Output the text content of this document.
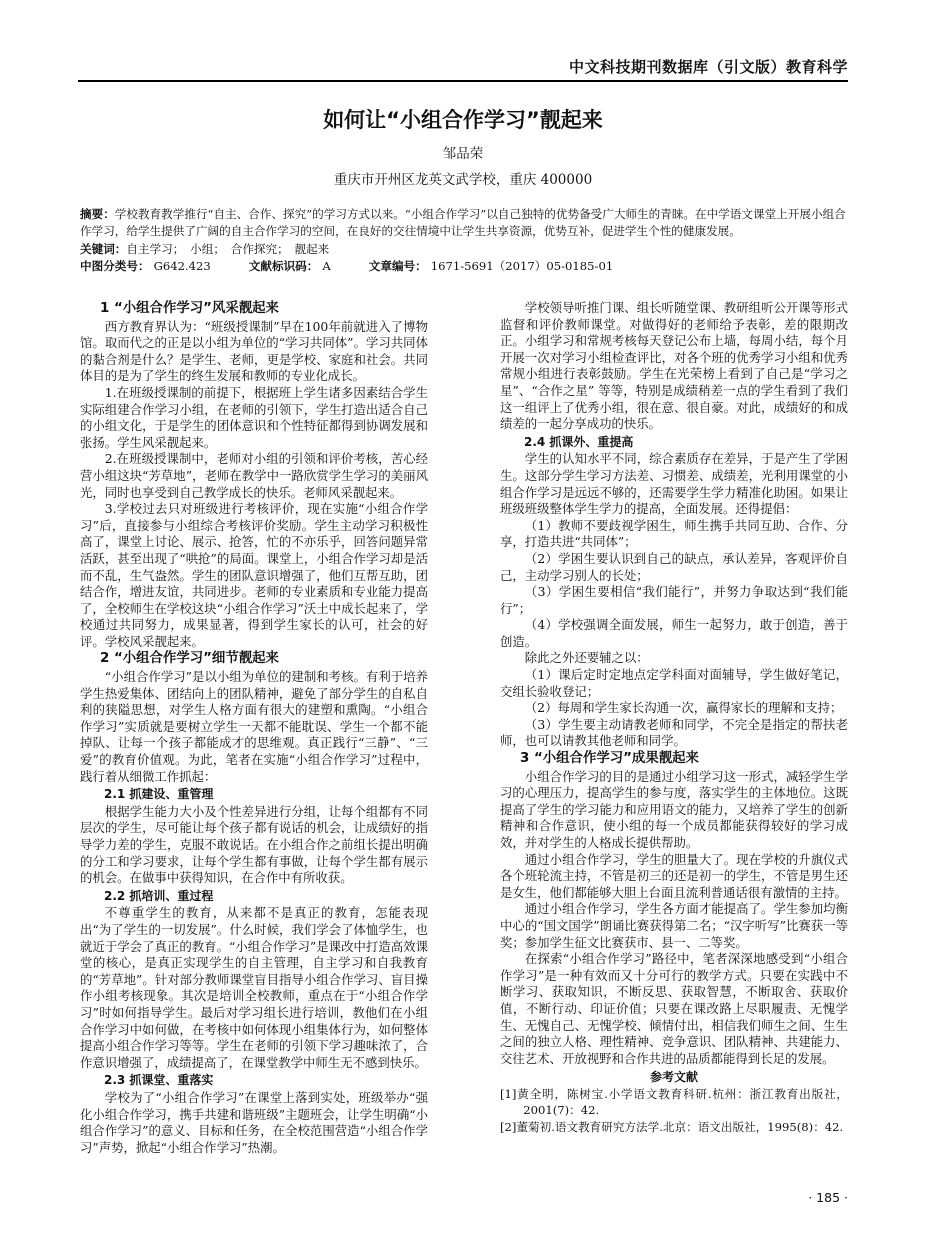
中文科技期刊数据库（引文版）教育科学
如何让“小组合作学习”靓起来
邹品荣
重庆市开州区龙英文武学校，重庆 400000

摘要：学校教育教学推行“自主、合作、探究”的学习方式以来。“小组合作学习”以自己独特的优势备受广大师生的青睐。在中学语文课堂上开展小组合作学习，给学生提供了广阔的自主合作学习的空间，在良好的交往情境中让学生共享资源，优势互补，促进学生个性的健康发展。

关键词：自主学习；　小组；　合作探究；　靓起来

中图分类号： G642.423	文献标识码： A	文章编号： 1671-5691（2017）05-0185-01

1 “小组合作学习”风采靓起来

西方教育界认为：“班级授课制”早在100年前就进入了博物馆。取而代之的正是以小组为单位的“学习共同体”。学习共同体的黏合剂是什么？是学生、老师，更是学校、家庭和社会。共同体目的是为了学生的终生发展和教师的专业化成长。

1.在班级授课制的前提下，根据班上学生诸多因素结合学生实际组建合作学习小组，在老师的引领下，学生打造出适合自己的小组文化，于是学生的团体意识和个性特征都得到协调发展和张扬。学生风采靓起来。

2.在班级授课制中，老师对小组的引领和评价考核，苦心经营小组这块“芳草地”，老师在教学中一路欣赏学生学习的美丽风光，同时也享受到自己教学成长的快乐。老师风采靓起来。

3.学校过去只对班级进行考核评价，现在实施“小组合作学习”后，直接参与小组综合考核评价奖励。学生主动学习积极性高了，课堂上讨论、展示、抢答，忙的不亦乐乎，回答问题异常活跃，甚至出现了“哄抢”的局面。课堂上，小组合作学习却是活而不乱，生气盎然。学生的团队意识增强了，他们互帮互助，团结合作，增进友谊，共同进步。老师的专业素质和专业能力提高了，全校师生在学校这块“小组合作学习”沃土中成长起来了，学校通过共同努力，成果显著，得到学生家长的认可，社会的好评。学校风采靓起来。

2 “小组合作学习”细节靓起来

“小组合作学习”是以小组为单位的建制和考核。有利于培养学生热爱集体、团结向上的团队精神，避免了部分学生的自私自利的狭隘思想，对学生人格方面有很大的建塑和熏陶。“小组合作学习”实质就是要树立学生一天都不能耽误、学生一个都不能掉队、让每一个孩子都能成才的思维观。真正践行“三静”、“三爱”的教育价值观。为此，笔者在实施“小组合作学习”过程中，践行着从细微工作抓起：

2.1 抓建设、重管理

根据学生能力大小及个性差异进行分组，让每个组都有不同层次的学生，尽可能让每个孩子都有说话的机会，让成绩好的指导学力差的学生，克服不敢说话。在小组合作之前组长提出明确的分工和学习要求，让每个学生都有事做，让每个学生都有展示的机会。在做事中获得知识，在合作中有所收获。

2.2 抓培训、重过程

不尊重学生的教育，从来都不是真正的教育，怎能表现出“为了学生的一切发展”。什么时候，我们学会了体恤学生，也就近于学会了真正的教育。“小组合作学习”是课改中打造高效课堂的核心，是真正实现学生的自主管理，自主学习和自我教育的“芳草地”。针对部分教师课堂盲目指导小组合作学习、盲目操作小组考核现象。其次是培训全校教师，重点在于“小组合作学习”时如何指导学生。最后对学习组长进行培训，教他们在小组合作学习中如何做，在考核中如何体现小组集体行为，如何整体提高小组合作学习等等。学生在老师的引领下学习趣味浓了，合作意识增强了，成绩提高了，在课堂教学中师生无不感到快乐。

2.3 抓课堂、重落实

学校为了“小组合作学习”在课堂上落到实处，班级举办“强化小组合作学习，携手共建和谐班级”主题班会，让学生明确“小组合作学习”的意义、目标和任务，在全校范围营造“小组合作学习”声势，掀起“小组合作学习”热潮。

学校领导听推门课、组长听随堂课、教研组听公开课等形式监督和评价教师课堂。对做得好的老师给予表彰，差的限期改正。小组学习和常规考核每天登记公布上墙，每周小结，每个月开展一次对学习小组检查评比，对各个班的优秀学习小组和优秀常规小组进行表彰鼓励。学生在光荣榜上看到了自己是“学习之星”、“合作之星” 等等，特别是成绩稍差一点的学生看到了我们这一组评上了优秀小组，很在意、很自豪。对此，成绩好的和成绩差的一起分享成功的快乐。

2.4 抓课外、重提高

学生的认知水平不同，综合素质存在差异，于是产生了学困生。这部分学生学习方法差、习惯差、成绩差，光利用课堂的小组合作学习是远远不够的，还需要学生学力精准化助困。如果让班级班级整体学生学力的提高，全面发展。还得提倡：

（1）教师不要歧视学困生，师生携手共同互助、合作、分享，打造共进“共同体”；

（2）学困生要认识到自己的缺点，承认差异，客观评价自己，主动学习别人的长处；

（3）学困生要相信“我们能行”，并努力争取达到“我们能行”；

（4）学校强调全面发展，师生一起努力，敢于创造，善于创造。

除此之外还要辅之以：

（1）课后定时定地点定学科面对面辅导，学生做好笔记，交组长验收登记；

（2）每周和学生家长沟通一次，赢得家长的理解和支持；

（3）学生要主动请教老师和同学，不完全是指定的帮扶老师，也可以请教其他老师和同学。

3 “小组合作学习”成果靓起来

小组合作学习的目的是通过小组学习这一形式，减轻学生学习的心理压力，提高学生的参与度，落实学生的主体地位。这既提高了学生的学习能力和应用语文的能力，又培养了学生的创新精神和合作意识，使小组的每一个成员都能获得较好的学习成效，并对学生的人格成长提供帮助。

通过小组合作学习，学生的胆量大了。现在学校的升旗仪式各个班轮流主持，不管是初三的还是初一的学生，不管是男生还是女生，他们都能够大胆上台面且流利普通话很有激情的主持。

通过小组合作学习，学生各方面才能提高了。学生参加均衡中心的“国文国学”朗诵比赛获得第二名；“汉字听写”比赛获一等奖；参加学生征文比赛获市、县一、二等奖。

在探索“小组合作学习”路径中，笔者深深地感受到“小组合作学习”是一种有效而又十分可行的教学方式。只要在实践中不断学习、获取知识，不断反思、获取智慧，不断取舍、获取价值，不断行动、印证价值；只要在课改路上尽职履责、无愧学生、无愧自己、无愧学校、倾情付出，相信我们师生之间、生生之间的独立人格、理性精神、竞争意识、团队精神、共建能力、交往艺术、开放视野和合作共进的品质都能得到长足的发展。

参考文献

[1]黄全明，陈树宝.小学语文教育科研.杭州：浙江教育出版社，2001(7)：42.

[2]董菊初.语文教育研究方法学.北京：语文出版社，1995(8)：42.

· 185 ·
